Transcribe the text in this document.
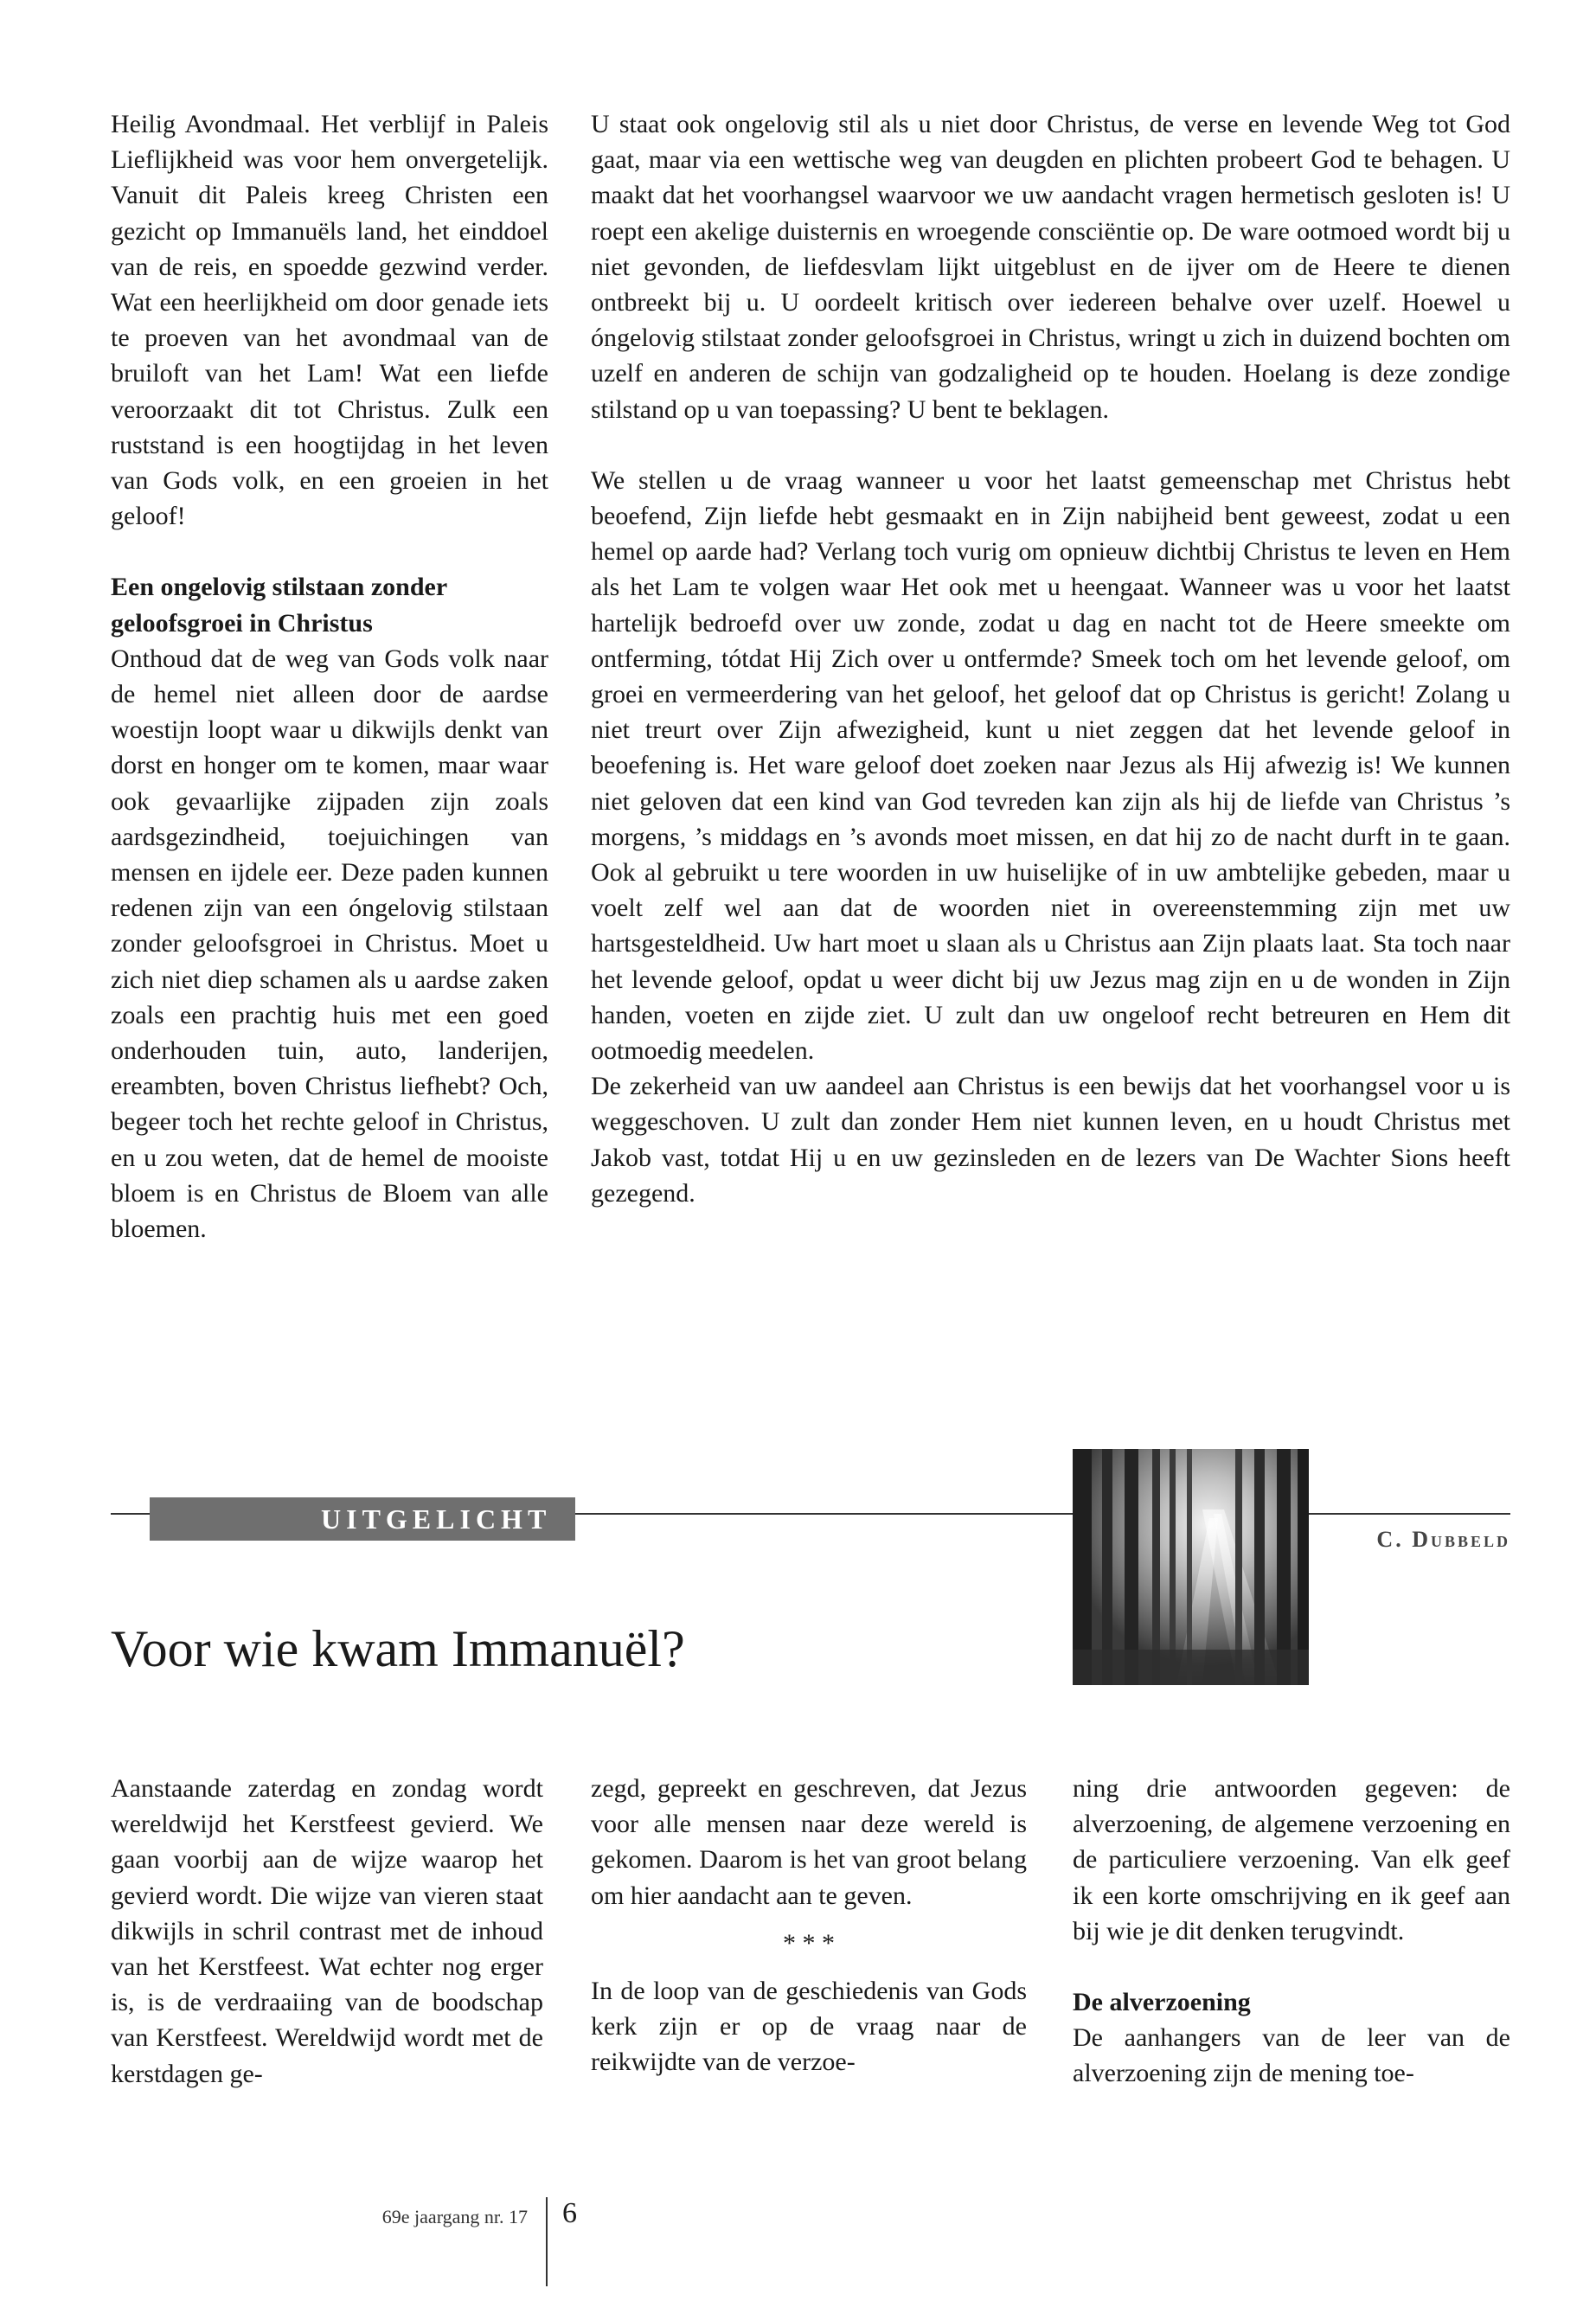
Heilig Avondmaal. Het verblijf in Paleis Lieflijkheid was voor hem onvergetelijk. Vanuit dit Paleis kreeg Christen een gezicht op Immanuëls land, het einddoel van de reis, en spoedde gezwind verder. Wat een heerlijkheid om door genade iets te proeven van het avondmaal van de bruiloft van het Lam! Wat een liefde veroorzaakt dit tot Christus. Zulk een ruststand is een hoogtijdag in het leven van Gods volk, en een groeien in het geloof!

Een ongelovig stilstaan zonder geloofsgroei in Christus

Onthoud dat de weg van Gods volk naar de hemel niet alleen door de aardse woestijn loopt waar u dikwijls denkt van dorst en honger om te komen, maar waar ook gevaarlijke zijpaden zijn zoals aardsgezindheid, toejuichingen van mensen en ijdele eer. Deze paden kunnen redenen zijn van een óngelovig stilstaan zonder geloofsgroei in Christus. Moet u zich niet diep schamen als u aardse zaken zoals een prachtig huis met een goed onderhouden tuin, auto, landerijen, ereambten, boven Christus liefhebt? Och, begeer toch het rechte geloof in Christus, en u zou weten, dat de hemel de mooiste bloem is en Christus de Bloem van alle bloemen.

U staat ook ongelovig stil als u niet door Christus, de verse en levende Weg tot God gaat, maar via een wettische weg van deugden en plichten probeert God te behagen. U maakt dat het voorhangsel waarvoor we uw aandacht vragen hermetisch gesloten is! U roept een akelige duisternis en wroegende consciëntie op. De ware ootmoed wordt bij u niet gevonden, de liefdesvlam lijkt uitgeblust en de ijver om de Heere te dienen ontbreekt bij u. U oordeelt kritisch over iedereen behalve over uzelf. Hoewel u óngelovig stilstaat zonder geloofsgroei in Christus, wringt u zich in duizend bochten om uzelf en anderen de schijn van godzaligheid op te houden. Hoelang is deze zondige stilstand op u van toepassing? U bent te beklagen.

We stellen u de vraag wanneer u voor het laatst gemeenschap met Christus hebt beoefend, Zijn liefde hebt gesmaakt en in Zijn nabijheid bent geweest, zodat u een hemel op aarde had? Verlang toch vurig om opnieuw dichtbij Christus te leven en Hem als het Lam te volgen waar Het ook met u heengaat. Wanneer was u voor het laatst hartelijk bedroefd over uw zonde, zodat u dag en nacht tot de Heere smeekte om ontferming, tótdat Hij Zich over u ontfermde? Smeek toch om het levende geloof, om groei en vermeerdering van het geloof, het geloof dat op Christus is gericht! Zolang u niet treurt over Zijn afwezigheid, kunt u niet zeggen dat het levende geloof in beoefening is. Het ware geloof doet zoeken naar Jezus als Hij afwezig is! We kunnen niet geloven dat een kind van God tevreden kan zijn als hij de liefde van Christus ’s morgens, ’s middags en ’s avonds moet missen, en dat hij zo de nacht durft in te gaan. Ook al gebruikt u tere woorden in uw huiselijke of in uw ambtelijke gebeden, maar u voelt zelf wel aan dat de woorden niet in overeenstemming zijn met uw hartsgesteldheid. Uw hart moet u slaan als u Christus aan Zijn plaats laat. Sta toch naar het levende geloof, opdat u weer dicht bij uw Jezus mag zijn en u de wonden in Zijn handen, voeten en zijde ziet. U zult dan uw ongeloof recht betreuren en Hem dit ootmoedig meedelen.

De zekerheid van uw aandeel aan Christus is een bewijs dat het voorhangsel voor u is weggeschoven. U zult dan zonder Hem niet kunnen leven, en u houdt Christus met Jakob vast, totdat Hij u en uw gezinsleden en de lezers van De Wachter Sions heeft gezegend.

UITGELICHT
C. Dubbeld
Voor wie kwam Immanuël?

Aanstaande zaterdag en zondag wordt wereldwijd het Kerstfeest gevierd. We gaan voorbij aan de wijze waarop het gevierd wordt. Die wijze van vieren staat dikwijls in schril contrast met de inhoud van het Kerstfeest. Wat echter nog erger is, is de verdraaiing van de boodschap van Kerstfeest. Wereldwijd wordt met de kerstdagen ge-

zegd, gepreekt en geschreven, dat Jezus voor alle mensen naar deze wereld is gekomen. Daarom is het van groot belang om hier aandacht aan te geven.

* * *

In de loop van de geschiedenis van Gods kerk zijn er op de vraag naar de reikwijdte van de verzoe-

ning drie antwoorden gegeven: de alverzoening, de algemene verzoening en de particuliere verzoening. Van elk geef ik een korte omschrijving en ik geef aan bij wie je dit denken terugvindt.

De alverzoening

De aanhangers van de leer van de alverzoening zijn de mening toe-

69e jaargang nr. 17 6
